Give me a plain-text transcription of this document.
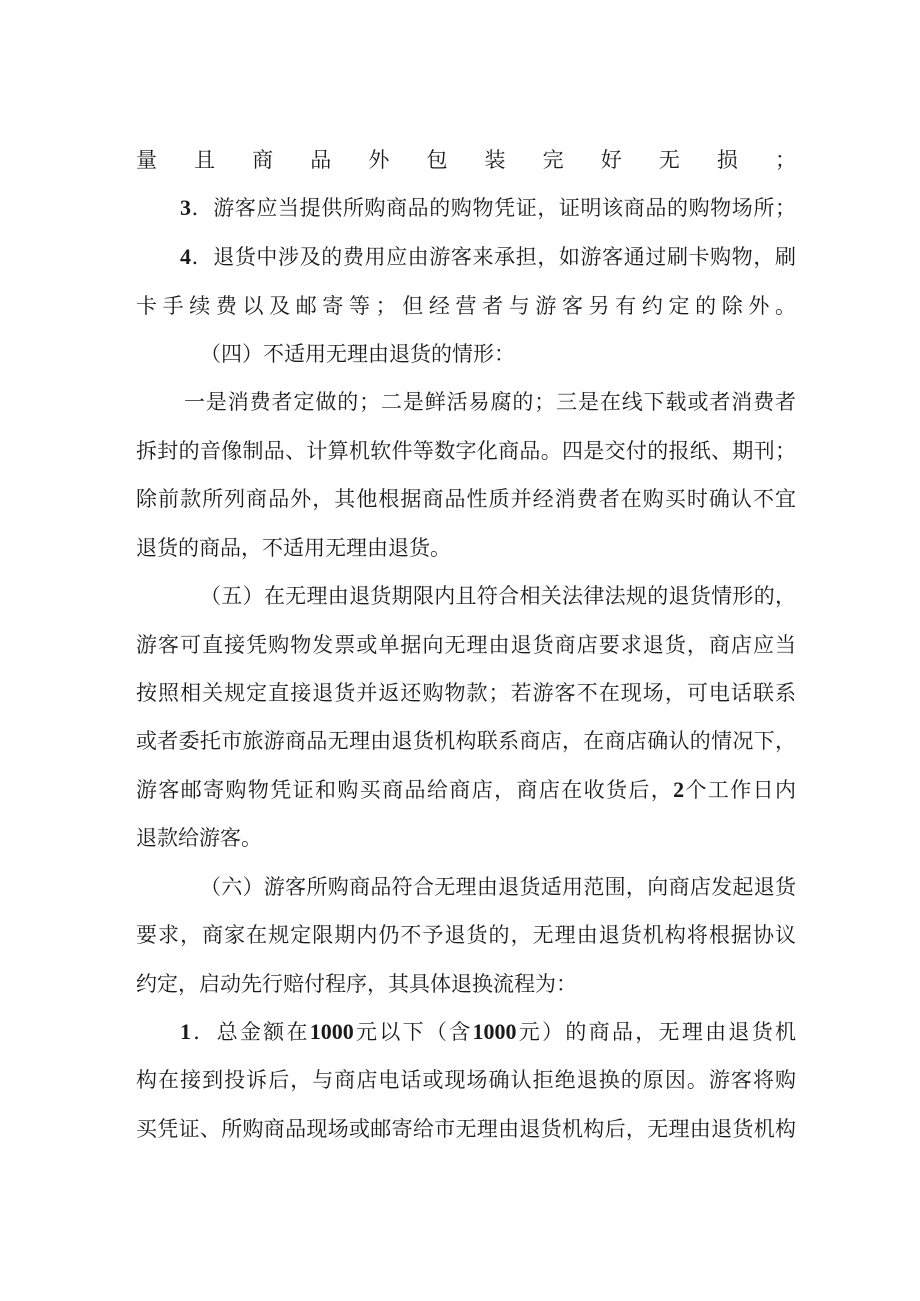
量且商品外包装完好无损；
3．游客应当提供所购商品的购物凭证，证明该商品的购物场所；
4．退货中涉及的费用应由游客来承担，如游客通过刷卡购物，刷
卡手续费以及邮寄等；但经营者与游客另有约定的除外。
（四）不适用无理由退货的情形：
一是消费者定做的；二是鲜活易腐的；三是在线下载或者消费者
拆封的音像制品、计算机软件等数字化商品。四是交付的报纸、期刊；
除前款所列商品外，其他根据商品性质并经消费者在购买时确认不宜
退货的商品，不适用无理由退货。
（五）在无理由退货期限内且符合相关法律法规的退货情形的，
游客可直接凭购物发票或单据向无理由退货商店要求退货，商店应当
按照相关规定直接退货并返还购物款；若游客不在现场，可电话联系
或者委托市旅游商品无理由退货机构联系商店，在商店确认的情况下，
游客邮寄购物凭证和购买商品给商店，商店在收货后，2个工作日内
退款给游客。
（六）游客所购商品符合无理由退货适用范围，向商店发起退货
要求，商家在规定限期内仍不予退货的，无理由退货机构将根据协议
约定，启动先行赔付程序，其具体退换流程为：
1．总金额在1000元以下（含1000元）的商品，无理由退货机
构在接到投诉后，与商店电话或现场确认拒绝退换的原因。游客将购
买凭证、所购商品现场或邮寄给市无理由退货机构后，无理由退货机构
